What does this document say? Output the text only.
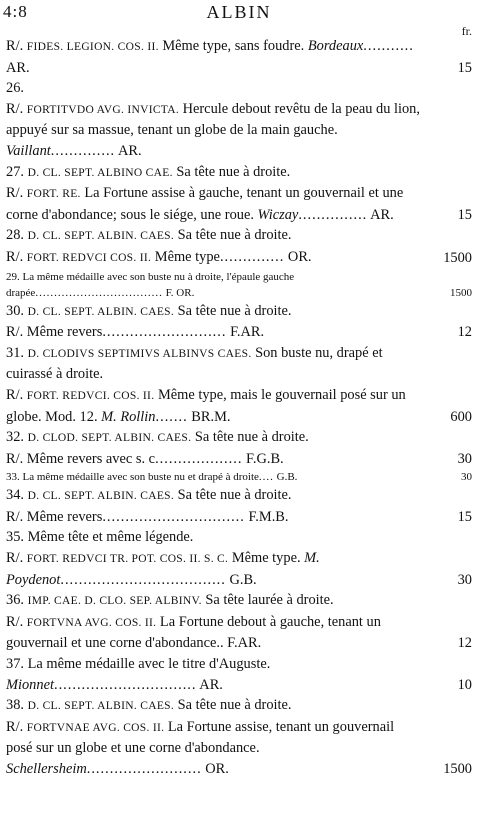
4:8	ALBIN
fr.
R/. FIDES. LEGION. COS. II. Même type, sans foudre. Bordeaux........... AR.	15
26.
R/. FORTITVDO AVG. INVICTA. Hercule debout revêtu de la peau du lion, appuyé sur sa massue, tenant un globe de la main gauche. Vaillant.............. AR.
27. D. CL. SEPT. ALBINO CAE. Sa tête nue à droite.
R/. FORT. RE. La Fortune assise à gauche, tenant un gouvernail et une corne d'abondance; sous le siége, une roue. Wiczay............... AR.	15
28. D. CL. SEPT. ALBIN. CAES. Sa tête nue à droite.
R/. FORT. REDVCI COS. II. Même type.............. OR.	1500
29. La même médaille avec son buste nu à droite, l'épaule gauche drapée.................................. F. OR.	1500
30. D. CL. SEPT. ALBIN. CAES. Sa tête nue à droite.
R/. Même revers........................... F.AR.	12
31. D. CLODIVS SEPTIMIVS ALBINVS CAES. Son buste nu, drapé et cuirassé à droite.
R/. FORT. REDVCI. COS. II. Même type, mais le gouvernail posé sur un globe. Mod. 12. M. Rollin....... BR.M.	600
32. D. CLOD. SEPT. ALBIN. CAES. Sa tête nue à droite.
R/. Même revers avec s. c................... F.G.B.	30
33. La même médaille avec son buste nu et drapé à droite.... G.B.	30
34. D. CL. SEPT. ALBIN. CAES. Sa tête nue à droite.
R/. Même revers............................... F.M.B.	15
35. Même tête et même légende.
R/. FORT. REDVCI TR. POT. COS. II. S. C. Même type. M. Poydenot.................................... G.B.	30
36. IMP. CAE. D. CLO. SEP. ALBINV. Sa tête laurée à droite.
R/. FORTVNA AVG. COS. II. La Fortune debout à gauche, tenant un gouvernail et une corne d'abondance.. F.AR.	12
37. La même médaille avec le titre d'Auguste. Mionnet............................... AR.	10
38. D. CL. SEPT. ALBIN. CAES. Sa tête nue à droite.
R/. FORTVNAE AVG. COS. II. La Fortune assise, tenant un gouvernail posé sur un globe et une corne d'abondance. Schellersheim......................... OR.	1500
